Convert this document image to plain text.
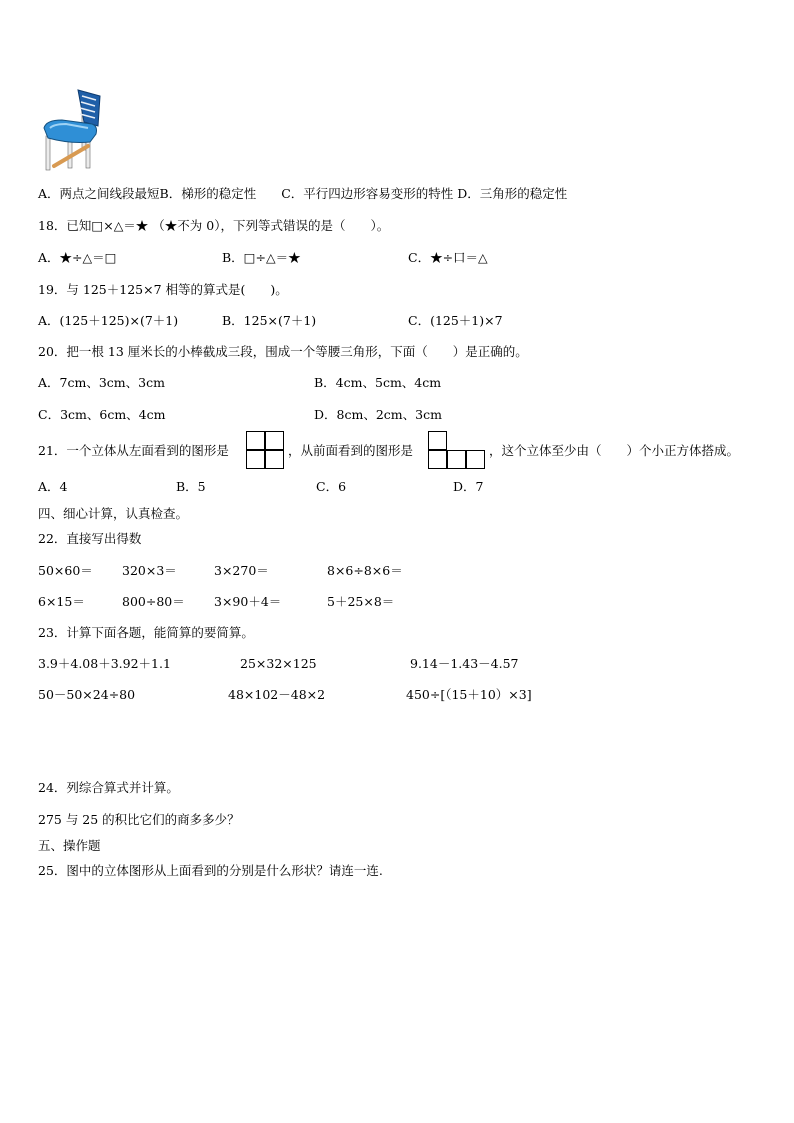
A．两点之间线段最短B．梯形的稳定性　　C．平行四边形容易变形的特性 D．三角形的稳定性
18．已知□×△＝★ （★不为 0），下列等式错误的是（　　）。
A．★÷△＝□	B．□÷△＝★	C．★÷口＝△
19．与 125＋125×7 相等的算式是(　　)。
A．(125＋125)×(7＋1)	B．125×(7＋1)	C．(125＋1)×7
20．把一根 13 厘米长的小棒截成三段，围成一个等腰三角形，下面（　　）是正确的。
A．7cm、3cm、3cm	B．4cm、5cm、4cm
C．3cm、6cm、4cm	D．8cm、2cm、3cm
21．一个立体从左面看到的图形是	，从前面看到的图形是	，这个立体至少由（　　）个小正方体搭成。
A．4	B．5	C．6	D．7
四、细心计算，认真检查。
22．直接写出得数
50×60＝ 320×3＝	3×270＝	8×6÷8×6＝
6×15＝	800÷80＝ 3×90＋4＝	5＋25×8＝
23．计算下面各题，能简算的要简算。
3.9＋4.08＋3.92＋1.1	25×32×125	9.14－1.43－4.57
50－50×24÷80	48×102－48×2	450÷[（15＋10）×3]
24．列综合算式并计算。
275 与 25 的积比它们的商多多少？
五、操作题
25．图中的立体图形从上面看到的分别是什么形状？请连一连.
